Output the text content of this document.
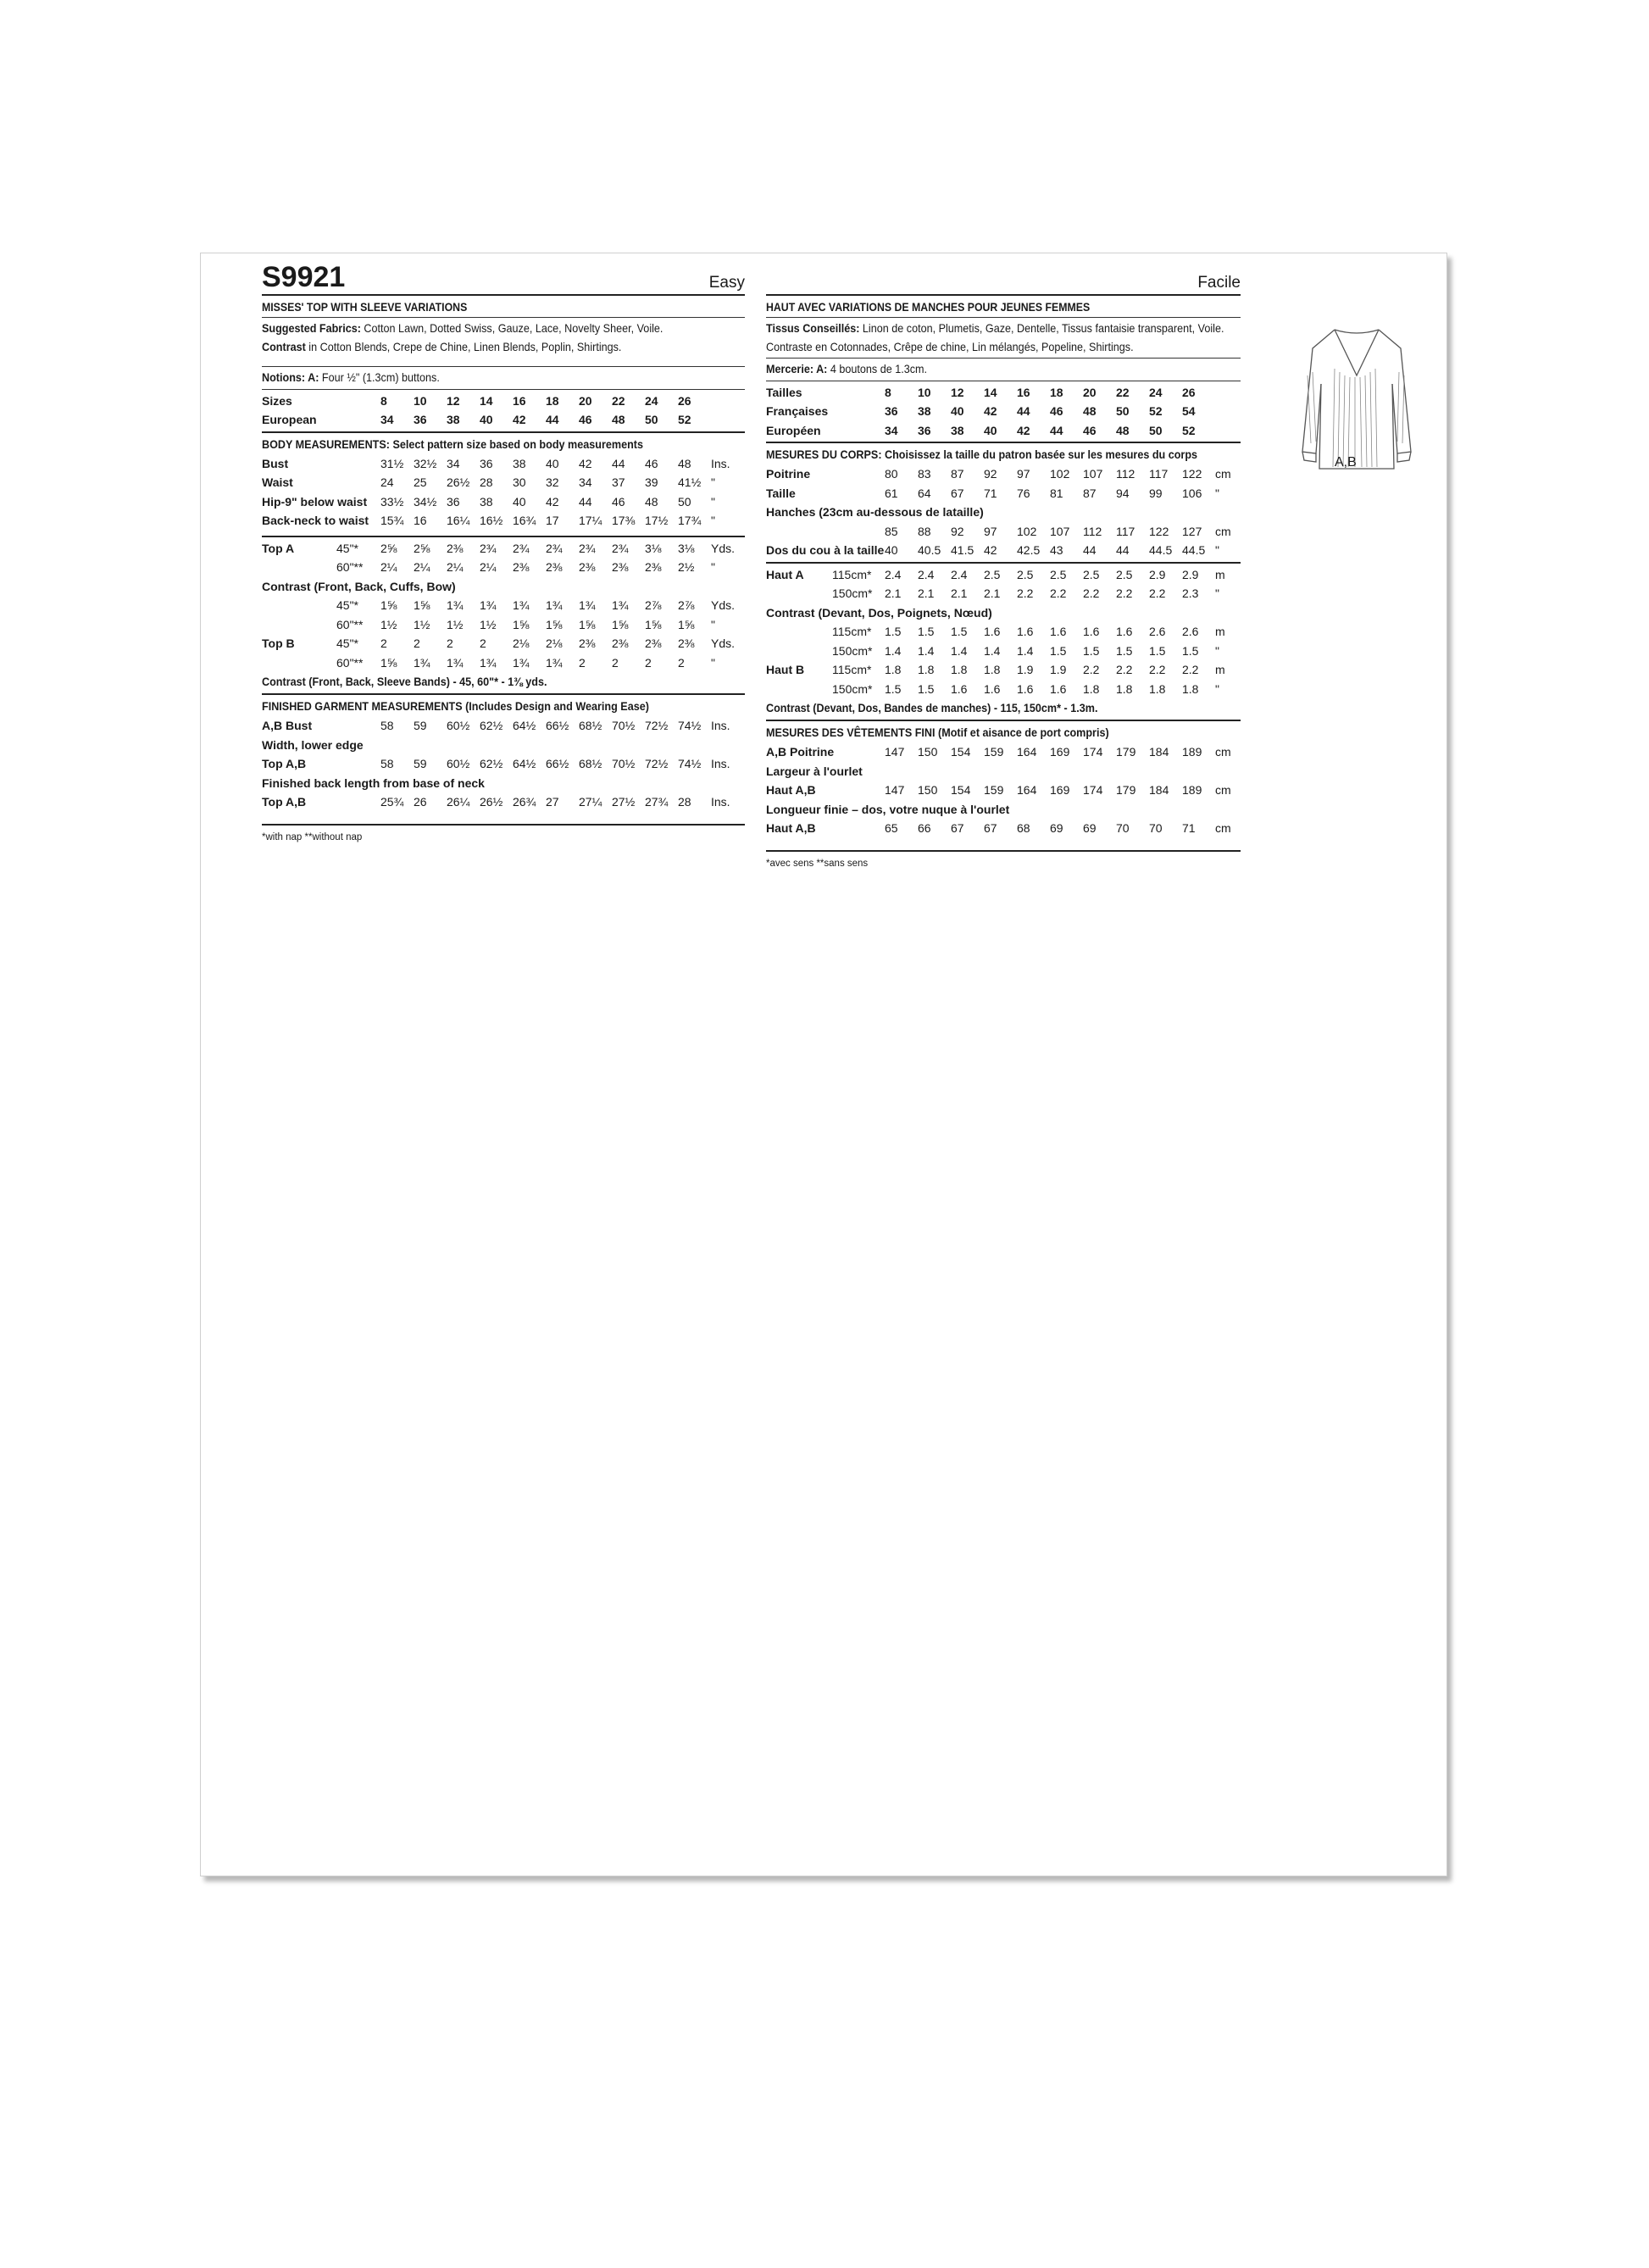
S9921	Easy
MISSES' TOP WITH SLEEVE VARIATIONS
Suggested Fabrics: Cotton Lawn, Dotted Swiss, Gauze, Lace, Novelty Sheer, Voile.
Contrast in Cotton Blends, Crepe de Chine, Linen Blends, Poplin, Shirtings.
Notions: A: Four ½" (1.3cm) buttons.
Sizes	8	10	12	14	16	18	20	22	24	26	
European	34	36	38	40	42	44	46	48	50	52	
BODY MEASUREMENTS: Select pattern size based on body measurements
Bust	31½	32½	34	36	38	40	42	44	46	48	Ins.
Waist	24	25	26½	28	30	32	34	37	39	41½	"
Hip-9" below waist	33½	34½	36	38	40	42	44	46	48	50	"
Back-neck to waist	15¾	16	16¼	16½	16¾	17	17¼	17⅜	17½	17¾	"
Top A	45"*	2⅝	2⅝	2⅜	2¾	2¾	2¾	2¾	2¾	3⅛	3⅛	Yds.
	60"**	2¼	2¼	2¼	2¼	2⅜	2⅜	2⅜	2⅜	2⅜	2½	"
Contrast (Front, Back, Cuffs, Bow)												
	45"*	1⅝	1⅝	1¾	1¾	1¾	1¾	1¾	1¾	2⅞	2⅞	Yds.
	60"**	1½	1½	1½	1½	1⅝	1⅝	1⅝	1⅝	1⅝	1⅝	"
Top B	45"*	2	2	2	2	2⅛	2⅛	2⅜	2⅜	2⅜	2⅜	Yds.
	60"**	1⅝	1¾	1¾	1¾	1¾	1¾	2	2	2	2	"
Contrast (Front, Back, Sleeve Bands) - 45, 60"* - 1⅜ yds.
FINISHED GARMENT MEASUREMENTS (Includes Design and Wearing Ease)
A,B Bust	58	59	60½	62½	64½	66½	68½	70½	72½	74½	Ins.
Width, lower edge											
Top A,B	58	59	60½	62½	64½	66½	68½	70½	72½	74½	Ins.
Finished back length from base of neck											
Top A,B	25¾	26	26¼	26½	26¾	27	27¼	27½	27¾	28	Ins.
*with nap **without nap
Facile
HAUT AVEC VARIATIONS DE MANCHES POUR JEUNES FEMMES
Tissus Conseillés: Linon de coton, Plumetis, Gaze, Dentelle, Tissus fantaisie transparent, Voile. Contraste en Cotonnades, Crêpe de chine, Lin mélangés, Popeline, Shirtings.
Mercerie: A: 4 boutons de 1.3cm.
Tailles	8	10	12	14	16	18	20	22	24	26	
Françaises	36	38	40	42	44	46	48	50	52	54	
Européen	34	36	38	40	42	44	46	48	50	52	
MESURES DU CORPS: Choisissez la taille du patron basée sur les mesures du corps
Poitrine	80	83	87	92	97	102	107	112	117	122	cm
Taille	61	64	67	71	76	81	87	94	99	106	"
Hanches (23cm au-dessous de lataille)											
	85	88	92	97	102	107	112	117	122	127	cm
Dos du cou à la taille	40	40.5	41.5	42	42.5	43	44	44	44.5	44.5	"
Haut A	115cm*	2.4	2.4	2.4	2.5	2.5	2.5	2.5	2.5	2.9	2.9	m
	150cm*	2.1	2.1	2.1	2.1	2.2	2.2	2.2	2.2	2.2	2.3	"
Contrast (Devant, Dos, Poignets, Nœud)												
	115cm*	1.5	1.5	1.5	1.6	1.6	1.6	1.6	1.6	2.6	2.6	m
	150cm*	1.4	1.4	1.4	1.4	1.4	1.5	1.5	1.5	1.5	1.5	"
Haut B	115cm*	1.8	1.8	1.8	1.8	1.9	1.9	2.2	2.2	2.2	2.2	m
	150cm*	1.5	1.5	1.6	1.6	1.6	1.6	1.8	1.8	1.8	1.8	"
Contrast (Devant, Dos, Bandes de manches) - 115, 150cm* - 1.3m.
MESURES DES VÊTEMENTS FINI (Motif et aisance de port compris)
A,B Poitrine	147	150	154	159	164	169	174	179	184	189	cm
Largeur à l'ourlet											
Haut A,B	147	150	154	159	164	169	174	179	184	189	cm
Longueur finie – dos, votre nuque à l'ourlet											
Haut A,B	65	66	67	67	68	69	69	70	70	71	cm
*avec sens **sans sens
A,B
